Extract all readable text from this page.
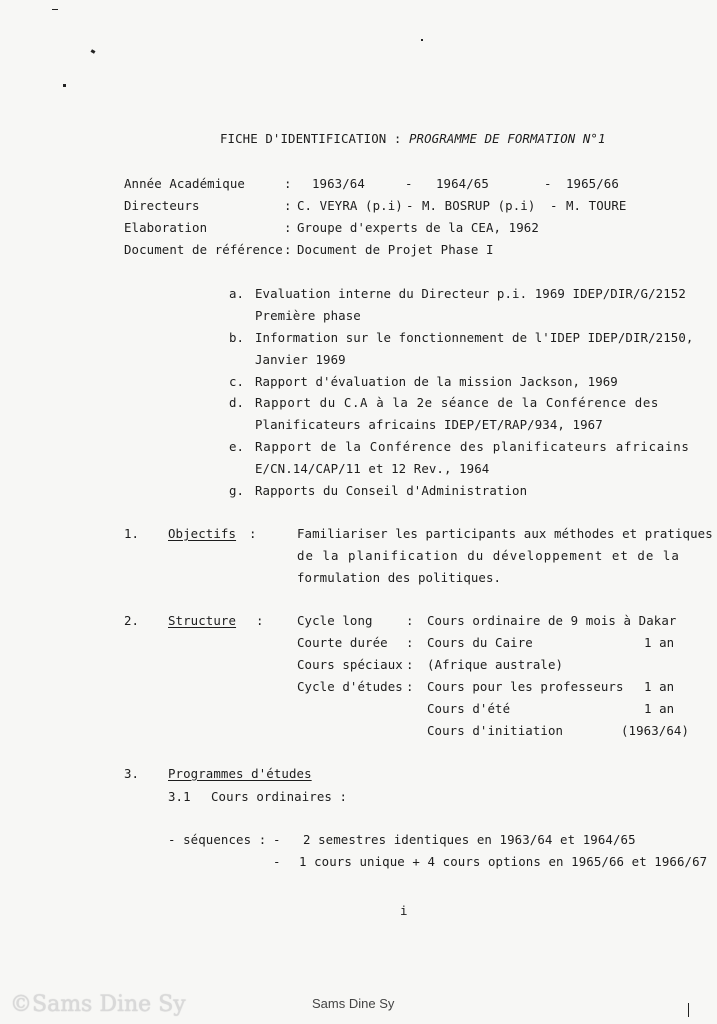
FICHE D'IDENTIFICATION : PROGRAMME DE FORMATION N°1
Année Académique	: 1963/64	- 1964/65	- 1965/66
Directeurs	: C. VEYRA (p.i) - M. BOSRUP (p.i) - M. TOURE
Elaboration	: Groupe d'experts de la CEA, 1962
Document de référence : Document de Projet Phase I
a. Evaluation interne du Directeur p.i. 1969 IDEP/DIR/G/2152
Première phase
b. Information sur le fonctionnement de l'IDEP IDEP/DIR/2150,
Janvier 1969
c. Rapport d'évaluation de la mission Jackson, 1969
d. Rapport du C.A à la 2e séance de la Conférence des
Planificateurs africains IDEP/ET/RAP/934, 1967
e. Rapport de la Conférence des planificateurs africains
E/CN.14/CAP/11 et 12 Rev., 1964
g. Rapports du Conseil d'Administration
1. Objectifs :	Familiariser les participants aux méthodes et pratiques
de la planification du développement et de la
formulation des politiques.
2. Structure :	Cycle long	: Cours ordinaire de 9 mois à Dakar
Courte durée : Cours du Caire	1 an
Cours spéciaux : (Afrique australe)
Cycle d'études : Cours pour les professeurs 1 an
Cours d'été	1 an
Cours d'initiation	(1963/64)
3. Programmes d'études
3.1 Cours ordinaires :
- séquences : - 2 semestres identiques en 1963/64 et 1964/65
- 1 cours unique + 4 cours options en 1965/66 et 1966/67
i
©Sams Dine Sy	Sams Dine Sy
